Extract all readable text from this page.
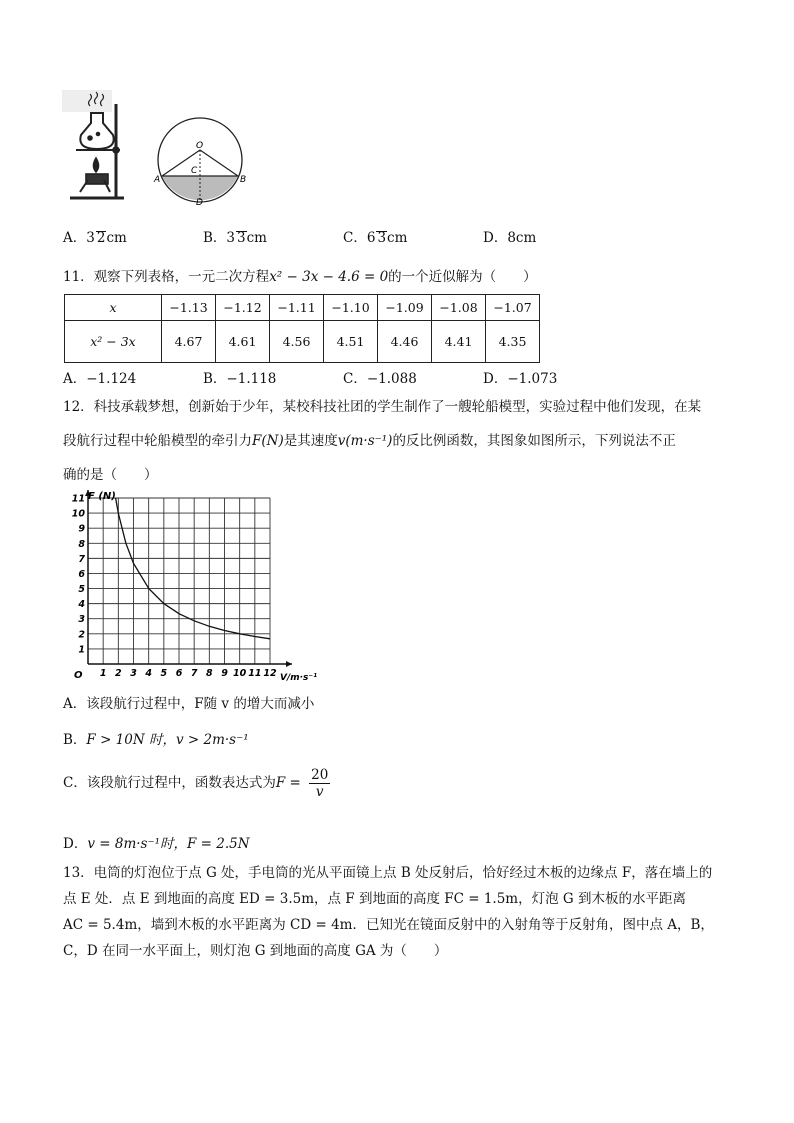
O
C
A	B
D
A．3 2cm	B．3 3cm	C．6 3cm	D．8cm
11．观察下列表格，一元二次方程x² − 3x − 4.6 = 0的一个近似解为（　　）
x	−1.13	−1.12	−1.11	−1.10	−1.09	−1.08	−1.07
x² − 3x	4.67	4.61	4.56	4.51	4.46	4.41	4.35
A．−1.124	B．−1.118	C．−1.088	D．−1.073
12．科技承载梦想，创新始于少年，某校科技社团的学生制作了一艘轮船模型，实验过程中他们发现，在某
段航行过程中轮船模型的牵引力F(N)是其速度v(m·s⁻¹)的反比例函数，其图象如图所示，下列说法不正
确的是（　　）
1 2 3 4 5 6 7 8 9 10 11 12
1
2
3
4
5
6
7
8
9
10
11 F (N)
V/m·s⁻¹
O
A．该段航行过程中，F随 v 的增大而减小
B．F > 10N 时，v > 2m·s⁻¹
C．该段航行过程中，函数表达式为$F = \frac{20}{v}$
D．v = 8m·s⁻¹时，F = 2.5N
13．电筒的灯泡位于点 G 处，手电筒的光从平面镜上点 B 处反射后，恰好经过木板的边缘点 F，落在墙上的
点 E 处．点 E 到地面的高度 ED = 3.5m，点 F 到地面的高度 FC = 1.5m，灯泡 G 到木板的水平距离
AC = 5.4m，墙到木板的水平距离为 CD = 4m．已知光在镜面反射中的入射角等于反射角，图中点 A，B，
C，D 在同一水平面上，则灯泡 G 到地面的高度 GA 为（　　）
